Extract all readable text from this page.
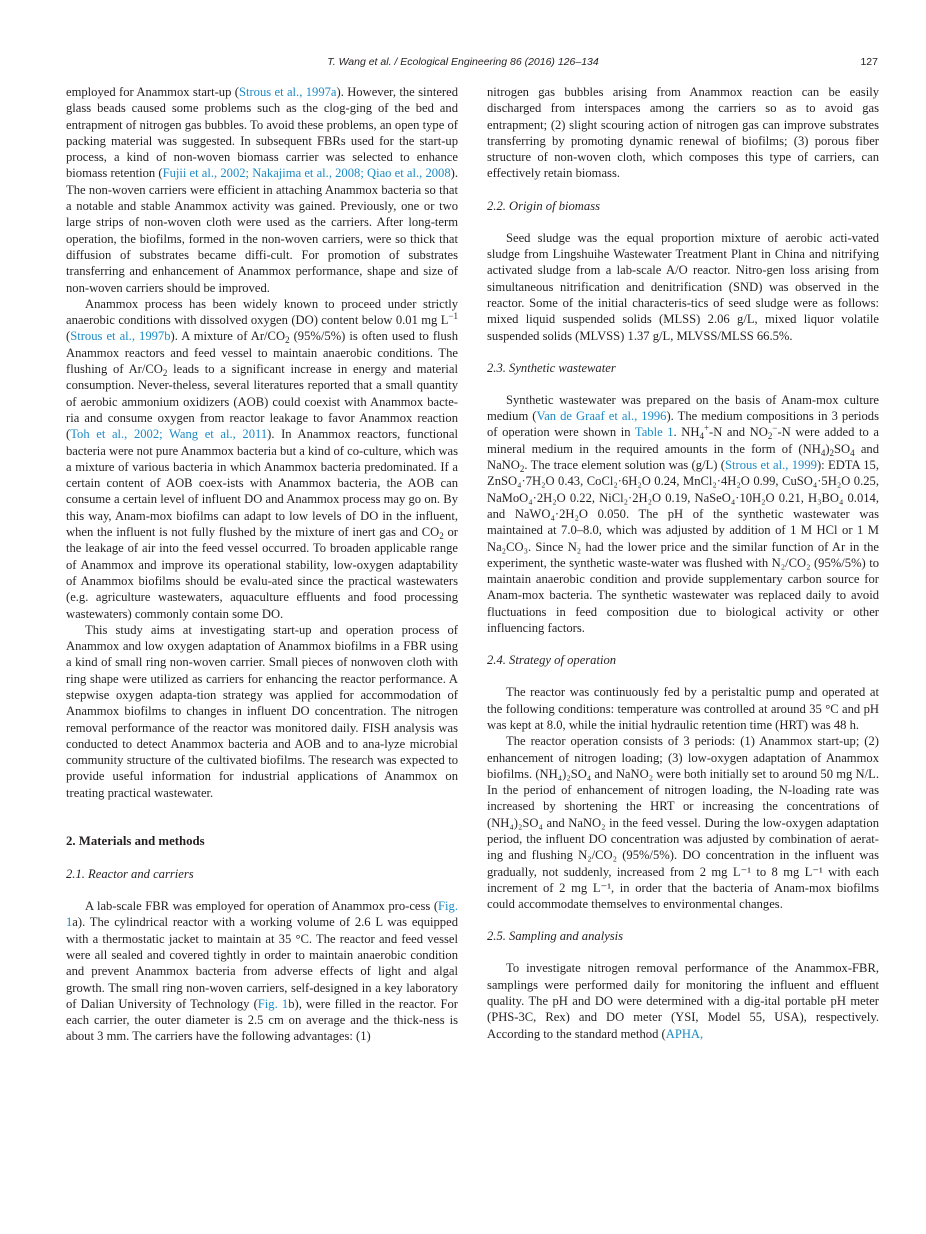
T. Wang et al. / Ecological Engineering 86 (2016) 126–134	127

employed for Anammox start-up (Strous et al., 1997a). However, the sintered glass beads caused some problems such as the clog-ging of the bed and entrapment of nitrogen gas bubbles. To avoid these problems, an open type of packing material was suggested. In subsequent FBRs used for the start-up process, a kind of non-woven biomass carrier was selected to enhance biomass retention (Fujii et al., 2002; Nakajima et al., 2008; Qiao et al., 2008). The non-woven carriers were efficient in attaching Anammox bacteria so that a notable and stable Anammox activity was gained. Previously, one or two large strips of non-woven cloth were used as the carriers. After long-term operation, the biofilms, formed in the non-woven carriers, were so thick that diffusion of substrates became diffi-cult. For promotion of substrates transferring and enhancement of Anammox performance, shape and size of non-woven carriers should be improved.

Anammox process has been widely known to proceed under strictly anaerobic conditions with dissolved oxygen (DO) content below 0.01 mg $L^{-1}$ (Strous et al., 1997b). A mixture of $Ar/CO_2$ (95%/5%) is often used to flush Anammox reactors and feed vessel to maintain anaerobic conditions. The flushing of $Ar/CO_2$ leads to a significant increase in energy and material consumption. Never-theless, several literatures reported that a small quantity of aerobic ammonium oxidizers (AOB) could coexist with Anammox bacte-ria and consume oxygen from reactor leakage to favor Anammox reaction (Toh et al., 2002; Wang et al., 2011). In Anammox reactors, functional bacteria were not pure Anammox bacteria but a kind of co-culture, which was a mixture of various bacteria in which Anammox bacteria predominated. If a certain content of AOB coex-ists with Anammox bacteria, the AOB can consume a certain level of influent DO and Anammox process may go on. By this way, Anam-mox biofilms can adapt to low levels of DO in the influent, when the influent is not fully flushed by the mixture of inert gas and $CO_2$ or the leakage of air into the feed vessel occurred. To broaden applicable range of Anammox and improve its operational stability, low-oxygen adaptability of Anammox biofilms should be evalu-ated since the practical wastewaters (e.g. agriculture wastewaters, aquaculture effluents and food processing wastewaters) commonly contain some DO.

This study aims at investigating start-up and operation process of Anammox and low oxygen adaptation of Anammox biofilms in a FBR using a kind of small ring non-woven carrier. Small pieces of nonwoven cloth with ring shape were utilized as carriers for enhancing the reactor performance. A stepwise oxygen adapta-tion strategy was applied for accommodation of Anammox biofilms to changes in influent DO concentration. The nitrogen removal performance of the reactor was monitored daily. FISH analysis was conducted to detect Anammox bacteria and AOB and to ana-lyze microbial community structure of the cultivated biofilms. The research was expected to provide useful information for industrial applications of Anammox on treating practical wastewater.

2. Materials and methods
2.1. Reactor and carriers

A lab-scale FBR was employed for operation of Anammox pro-cess (Fig. 1a). The cylindrical reactor with a working volume of 2.6 L was equipped with a thermostatic jacket to maintain at 35 °C. The reactor and feed vessel were all sealed and covered tightly in order to maintain anaerobic condition and prevent Anammox bacteria from adverse effects of light and algal growth. The small ring non-woven carriers, self-designed in a key laboratory of Dalian University of Technology (Fig. 1b), were filled in the reactor. For each carrier, the outer diameter is 2.5 cm on average and the thick-ness is about 3 mm. The carriers have the following advantages: (1)

nitrogen gas bubbles arising from Anammox reaction can be easily discharged from interspaces among the carriers so as to avoid gas entrapment; (2) slight scouring action of nitrogen gas can improve substrates transferring by promoting dynamic renewal of biofilms; (3) porous fiber structure of non-woven cloth, which composes this type of carriers, can effectively retain biomass.

2.2. Origin of biomass

Seed sludge was the equal proportion mixture of aerobic acti-vated sludge from Lingshuihe Wastewater Treatment Plant in China and nitrifying activated sludge from a lab-scale A/O reactor. Nitro-gen loss arising from simultaneous nitrification and denitrification (SND) was observed in the reactor. Some of the initial characteris-tics of seed sludge were as follows: mixed liquid suspended solids (MLSS) 2.06 g/L, mixed liquor volatile suspended solids (MLVSS) 1.37 g/L, MLVSS/MLSS 66.5%.

2.3. Synthetic wastewater

Synthetic wastewater was prepared on the basis of Anam-mox culture medium (Van de Graaf et al., 1996). The medium compositions in 3 periods of operation were shown in Table 1. $NH_4^+-N$ and $NO_2^--N$ were added to a mineral medium in the required amounts in the form of $(NH_4)_2SO_4$ and NaNO$_2$. The trace element solution was (g/L) (Strous et al., 1999): EDTA 15, ZnSO₄·7H₂O 0.43, CoCl₂·6H₂O 0.24, MnCl₂·4H₂O 0.99, CuSO₄·5H₂O 0.25, NaMoO₄·2H₂O 0.22, NiCl₂·2H₂O 0.19, NaSeO₄·10H₂O 0.21, H₃BO₄ 0.014, and NaWO₄·2H₂O 0.050. The pH of the synthetic wastewater was maintained at 7.0–8.0, which was adjusted by addition of 1 M HCl or 1 M Na₂CO₃. Since N₂ had the lower price and the similar function of Ar in the experiment, the synthetic waste-water was flushed with N₂/CO₂ (95%/5%) to maintain anaerobic condition and provide supplementary carbon source for Anam-mox bacteria. The synthetic wastewater was replaced daily to avoid fluctuations in feed composition due to biological activity or other influencing factors.

2.4. Strategy of operation

The reactor was continuously fed by a peristaltic pump and operated at the following conditions: temperature was controlled at around 35 °C and pH was kept at 8.0, while the initial hydraulic retention time (HRT) was 48 h.

The reactor operation consists of 3 periods: (1) Anammox start-up; (2) enhancement of nitrogen loading; (3) low-oxygen adaptation of Anammox biofilms. (NH₄)₂SO₄ and NaNO₂ were both initially set to around 50 mg N/L. In the period of enhancement of nitrogen loading, the N-loading rate was increased by shortening the HRT or increasing the concentrations of (NH₄)₂SO₄ and NaNO₂ in the feed vessel. During the low-oxygen adaptation period, the influent DO concentration was adjusted by combination of aerat-ing and flushing N₂/CO₂ (95%/5%). DO concentration in the influent was gradually, not suddenly, increased from 2 mg L⁻¹ to 8 mg L⁻¹ with each increment of 2 mg L⁻¹, in order that the bacteria of Anam-mox biofilms could accommodate themselves to environmental changes.

2.5. Sampling and analysis

To investigate nitrogen removal performance of the Anammox-FBR, samplings were performed daily for monitoring the influent and effluent quality. The pH and DO were determined with a dig-ital portable pH meter (PHS-3C, Rex) and DO meter (YSI, Model 55, USA), respectively. According to the standard method (APHA,
